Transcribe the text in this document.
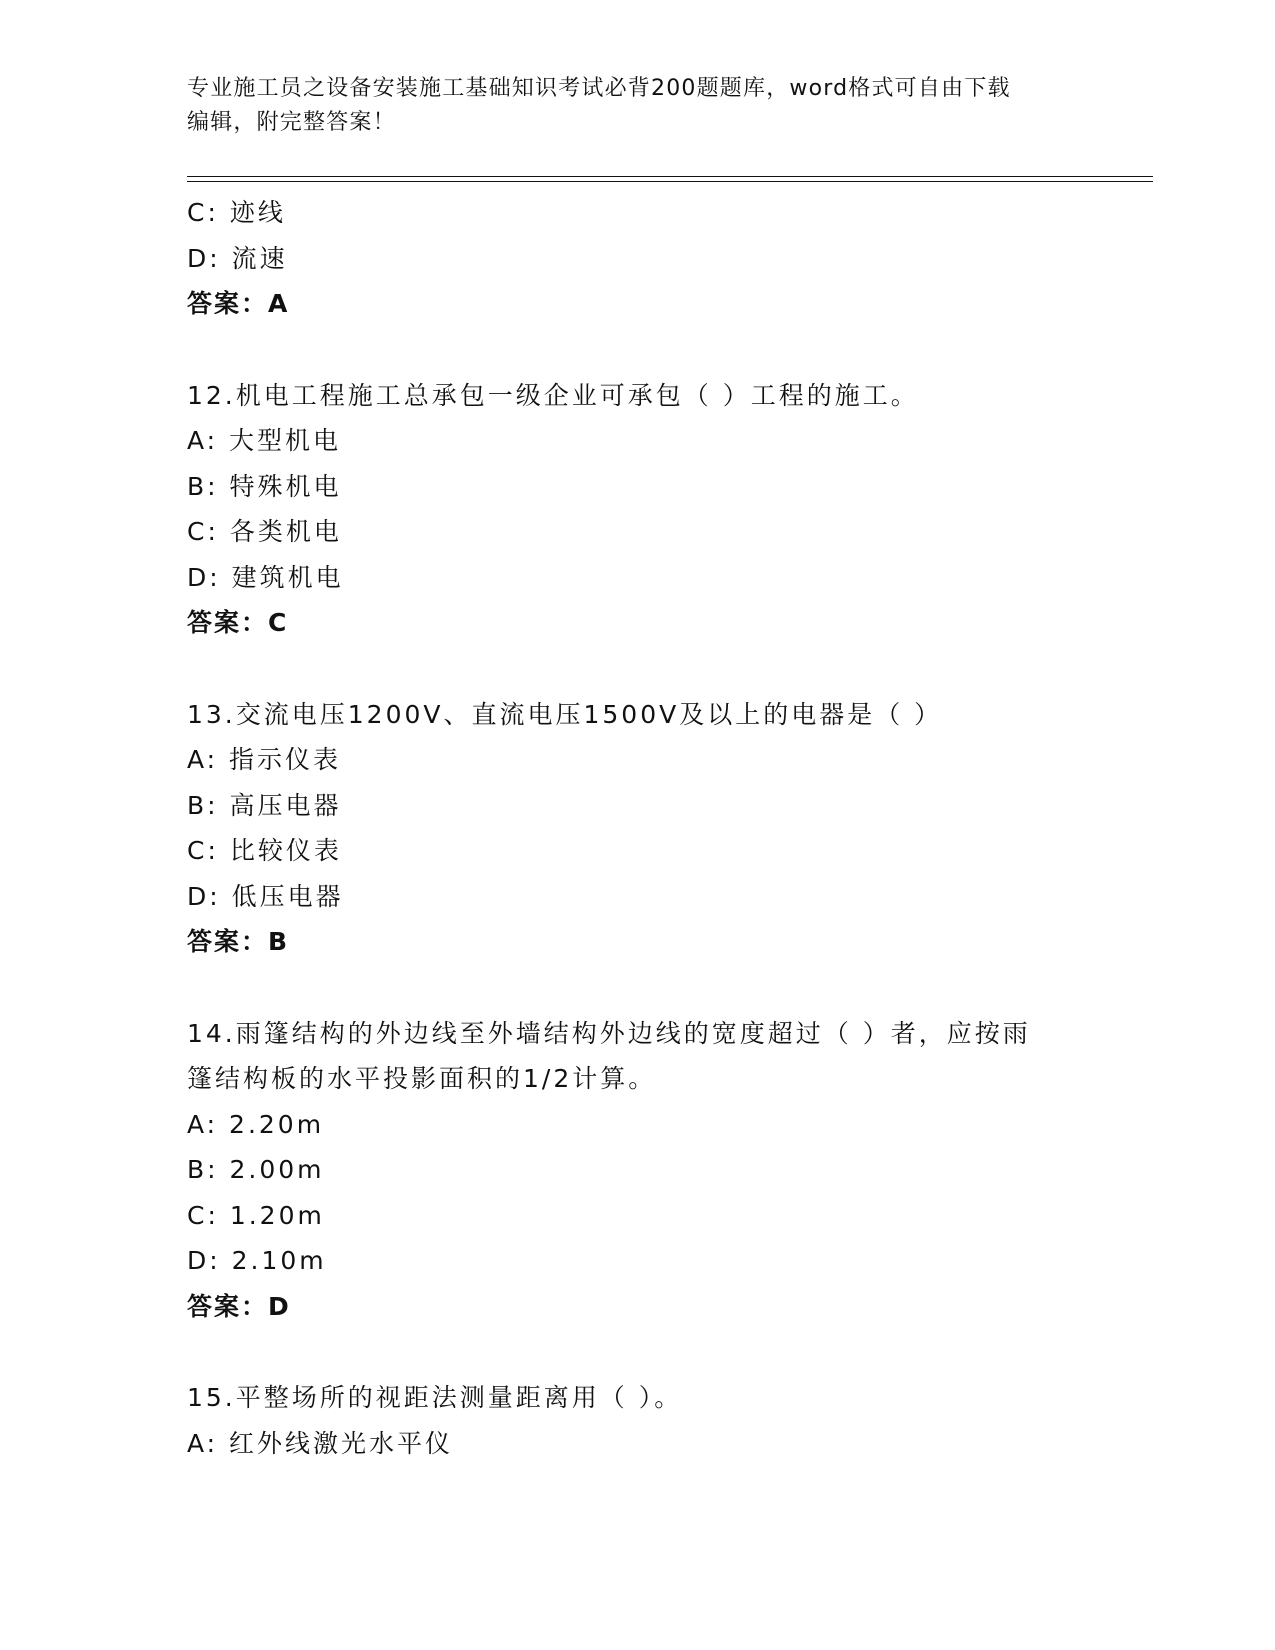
专业施工员之设备安装施工基础知识考试必背200题题库，word格式可自由下载
编辑，附完整答案！
C: 迹线
D: 流速
答案：A
12.机电工程施工总承包一级企业可承包（ ）工程的施工。
A: 大型机电
B: 特殊机电
C: 各类机电
D: 建筑机电
答案：C
13.交流电压1200V、直流电压1500V及以上的电器是（ ）
A: 指示仪表
B: 高压电器
C: 比较仪表
D: 低压电器
答案：B
14.雨篷结构的外边线至外墙结构外边线的宽度超过（ ）者，应按雨
篷结构板的水平投影面积的1/2计算。
A: 2.20m
B: 2.00m
C: 1.20m
D: 2.10m
答案：D
15.平整场所的视距法测量距离用（ ）。
A: 红外线激光水平仪
